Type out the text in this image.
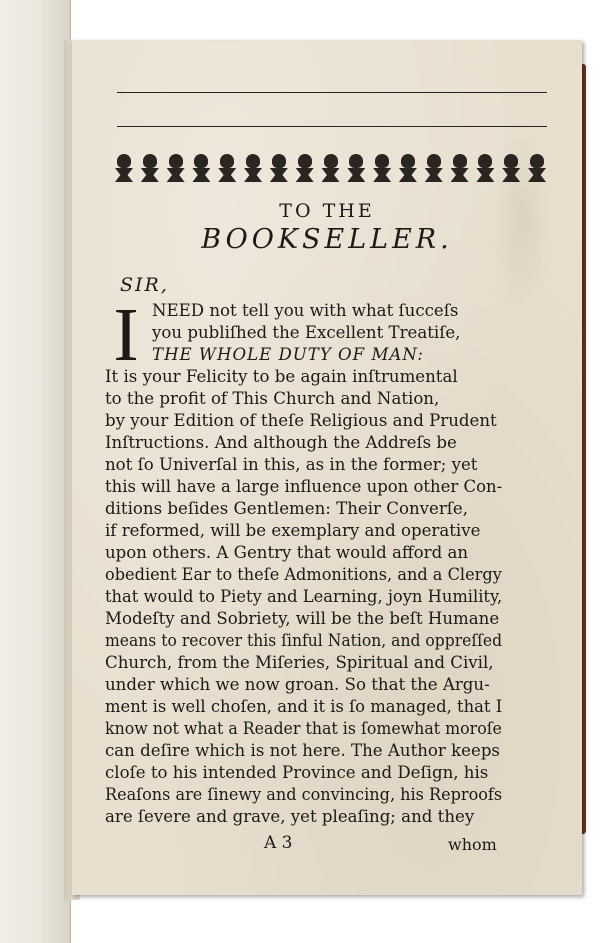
TO THE
BOOKSELLER.
SIR,
I NEED not tell you with what ſucceſs
you publiſhed the Excellent Treatiſe,
THE WHOLE DUTY OF MAN:
It is your Felicity to be again inſtrumental
to the profit of This Church and Nation,
by your Edition of theſe Religious and Prudent
Inſtructions. And although the Addreſs be
not ſo Univerſal in this, as in the former; yet
this will have a large influence upon other Con-
ditions beſides Gentlemen: Their Converſe,
if reformed, will be exemplary and operative
upon others. A Gentry that would afford an
obedient Ear to theſe Admonitions, and a Clergy
that would to Piety and Learning, joyn Humility,
Modeſty and Sobriety, will be the beſt Humane
means to recover this ſinful Nation, and oppreſſed
Church, from the Miſeries, Spiritual and Civil,
under which we now groan. So that the Argu-
ment is well choſen, and it is ſo managed, that I
know not what a Reader that is ſomewhat moroſe
can deſire which is not here. The Author keeps
cloſe to his intended Province and Deſign, his
Reaſons are ſinewy and convincing, his Reproofs
are ſevere and grave, yet pleaſing; and they
A 3	whom
